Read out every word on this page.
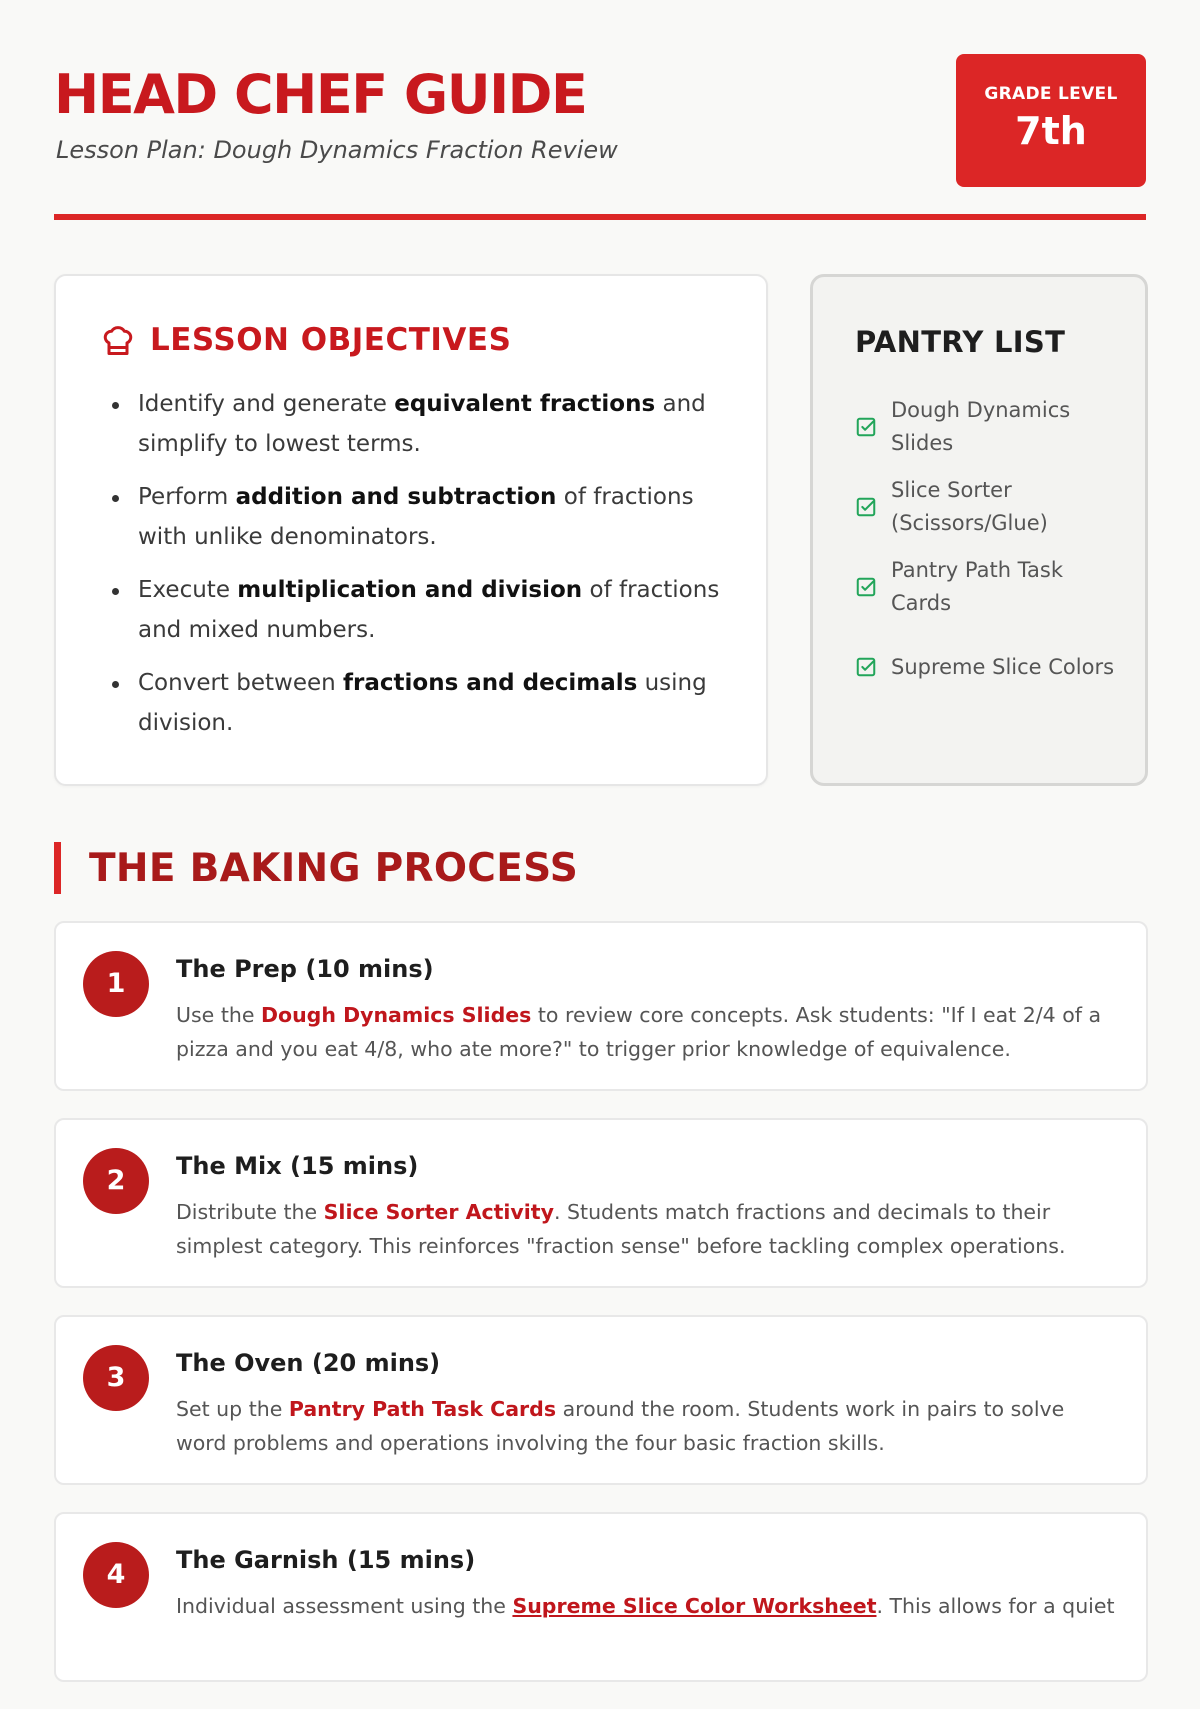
HEAD CHEF GUIDE
Lesson Plan: Dough Dynamics Fraction Review
GRADE LEVEL
7th
LESSON OBJECTIVES
Identify and generate equivalent fractions and simplify to lowest terms.
Perform addition and subtraction of fractions with unlike denominators.
Execute multiplication and division of fractions and mixed numbers.
Convert between fractions and decimals using division.
PANTRY LIST
Dough Dynamics Slides
Slice Sorter (Scissors/Glue)
Pantry Path Task Cards
Supreme Slice Colors
THE BAKING PROCESS
1	The Prep (10 mins)
Use the Dough Dynamics Slides to review core concepts. Ask students: "If I eat 2/4 of a pizza and you eat 4/8, who ate more?" to trigger prior knowledge of equivalence.
2	The Mix (15 mins)
Distribute the Slice Sorter Activity. Students match fractions and decimals to their simplest category. This reinforces "fraction sense" before tackling complex operations.
3	The Oven (20 mins)
Set up the Pantry Path Task Cards around the room. Students work in pairs to solve word problems and operations involving the four basic fraction skills.
4	The Garnish (15 mins)
Individual assessment using the Supreme Slice Color Worksheet. This allows for a quiet
